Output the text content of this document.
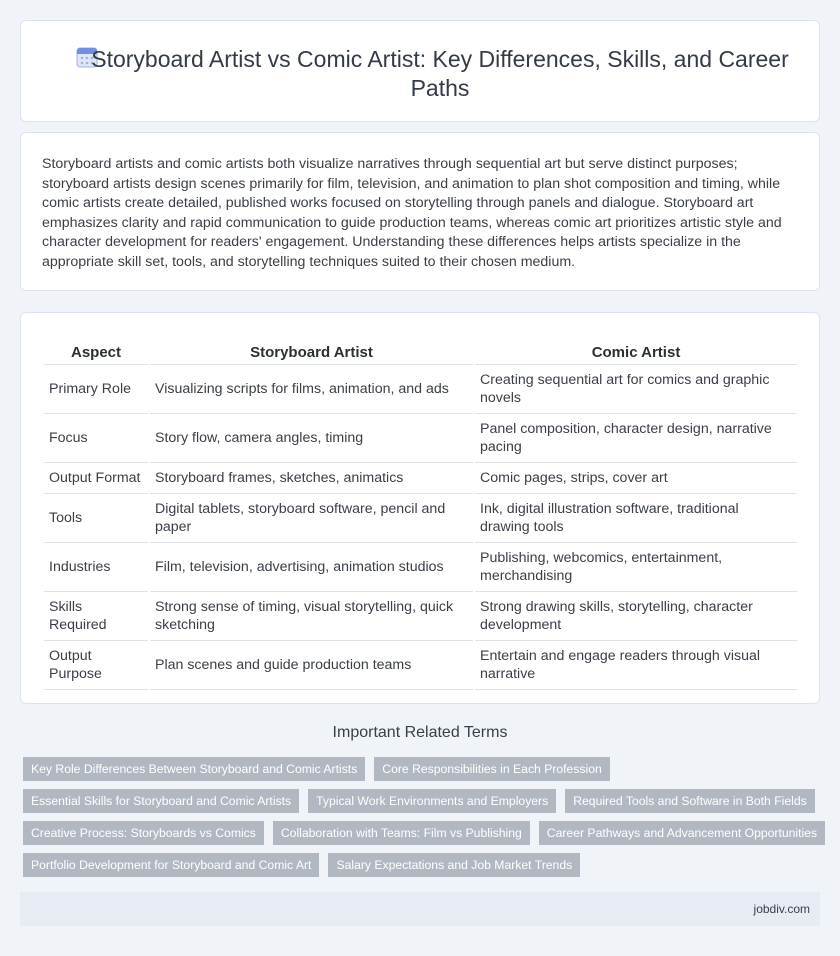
Storyboard Artist vs Comic Artist: Key Differences, Skills, and Career Paths

Storyboard artists and comic artists both visualize narratives through sequential art but serve distinct purposes; storyboard artists design scenes primarily for film, television, and animation to plan shot composition and timing, while comic artists create detailed, published works focused on storytelling through panels and dialogue. Storyboard art emphasizes clarity and rapid communication to guide production teams, whereas comic art prioritizes artistic style and character development for readers' engagement. Understanding these differences helps artists specialize in the appropriate skill set, tools, and storytelling techniques suited to their chosen medium.

Aspect	Storyboard Artist	Comic Artist
Primary Role	Visualizing scripts for films, animation, and ads	Creating sequential art for comics and graphic novels
Focus	Story flow, camera angles, timing	Panel composition, character design, narrative pacing
Output Format	Storyboard frames, sketches, animatics	Comic pages, strips, cover art
Tools	Digital tablets, storyboard software, pencil and paper	Ink, digital illustration software, traditional drawing tools
Industries	Film, television, advertising, animation studios	Publishing, webcomics, entertainment, merchandising
Skills Required	Strong sense of timing, visual storytelling, quick sketching	Strong drawing skills, storytelling, character development
Output Purpose	Plan scenes and guide production teams	Entertain and engage readers through visual narrative
Important Related Terms
Key Role Differences Between Storyboard and Comic Artists	Core Responsibilities in Each Profession
Essential Skills for Storyboard and Comic Artists	Typical Work Environments and Employers	Required Tools and Software in Both Fields
Creative Process: Storyboards vs Comics	Collaboration with Teams: Film vs Publishing	Career Pathways and Advancement Opportunities
Portfolio Development for Storyboard and Comic Art	Salary Expectations and Job Market Trends
jobdiv.com
